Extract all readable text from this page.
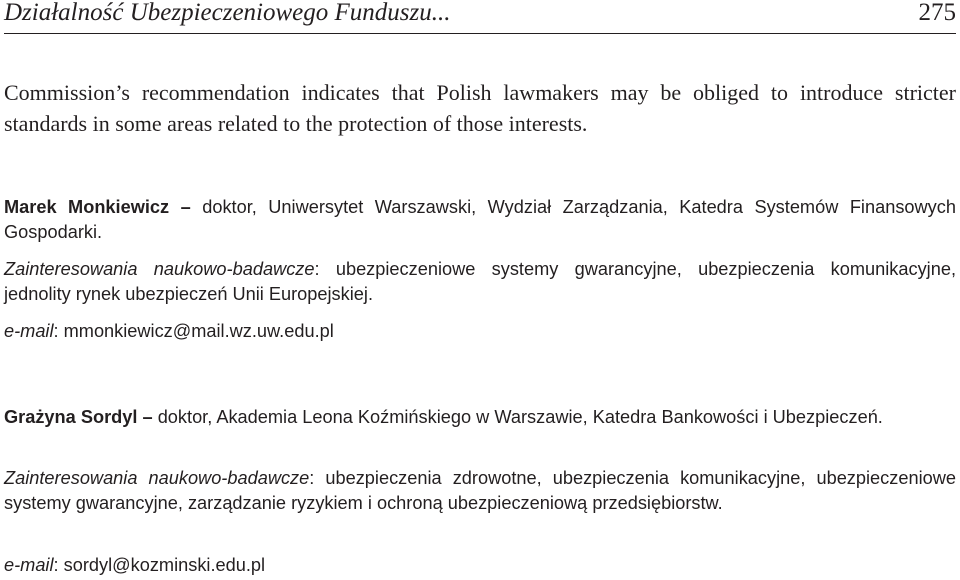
Działalność Ubezpieczeniowego Funduszu...	275

Commission’s recommendation indicates that Polish lawmakers may be obliged to introduce stricter standards in some areas related to the protection of those interests.

Marek Monkiewicz – doktor, Uniwersytet Warszawski, Wydział Zarządzania, Katedra Systemów Finansowych Gospodarki.

Zainteresowania naukowo-badawcze: ubezpieczeniowe systemy gwarancyjne, ubezpieczenia komunikacyjne, jednolity rynek ubezpieczeń Unii Europejskiej.

e-mail: mmonkiewicz@mail.wz.uw.edu.pl

Grażyna Sordyl – doktor, Akademia Leona Koźmińskiego w Warszawie, Katedra Bankowości i Ubezpieczeń.

Zainteresowania naukowo-badawcze: ubezpieczenia zdrowotne, ubezpieczenia komunikacyjne, ubezpieczeniowe systemy gwarancyjne, zarządzanie ryzykiem i ochroną ubezpieczeniową przedsiębiorstw.

e-mail: sordyl@kozminski.edu.pl
